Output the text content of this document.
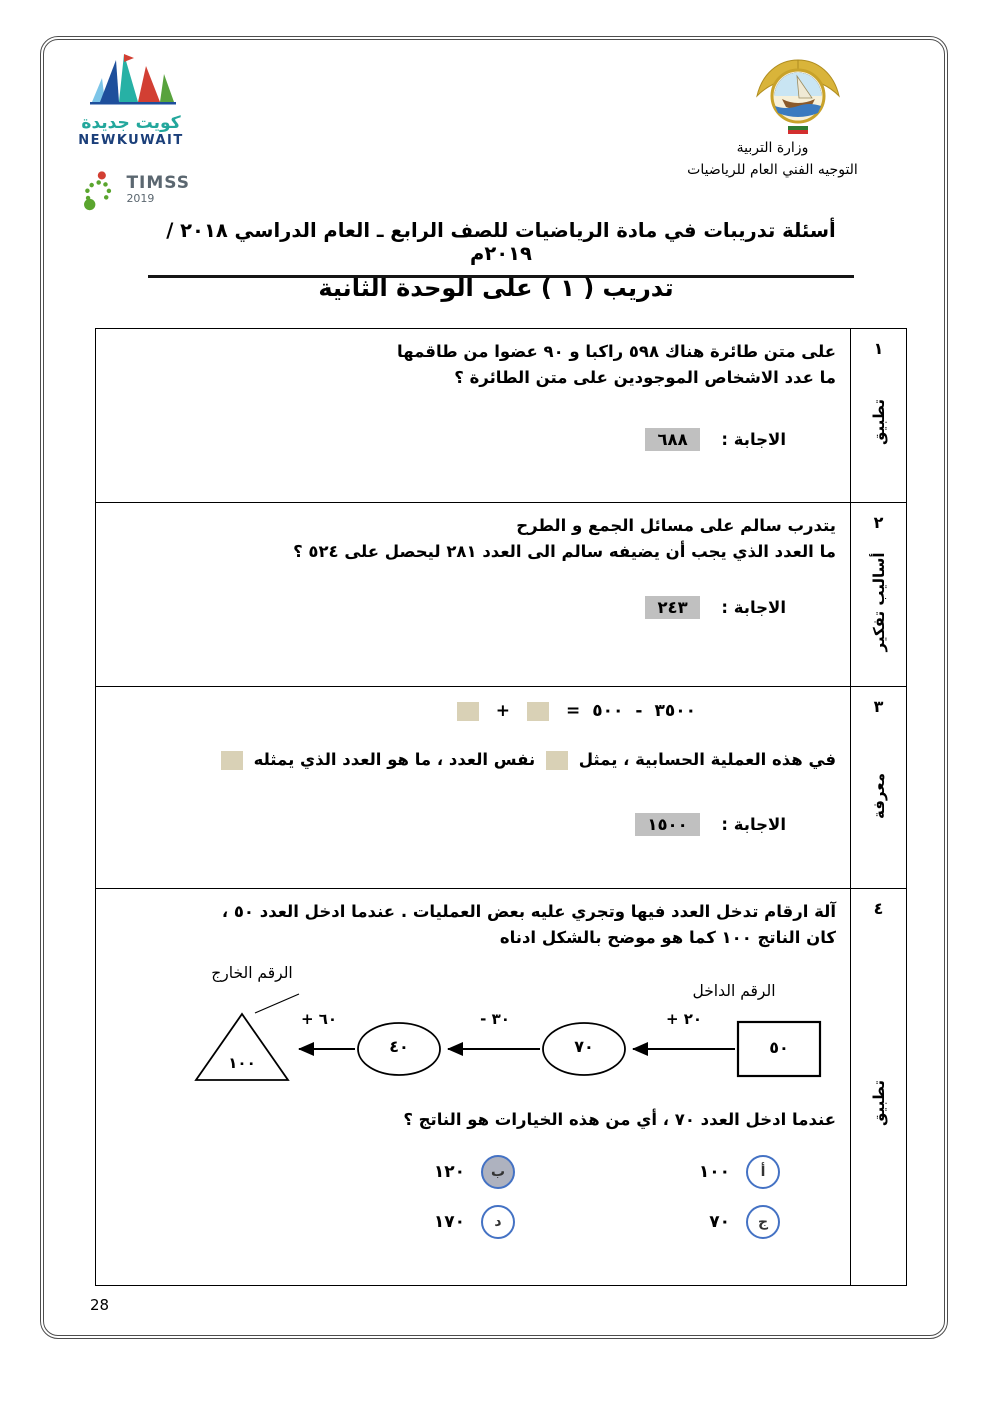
كويت جديدة
NEWKUWAIT
TIMSS
2019
وزارة التربية
التوجيه الفني العام للرياضيات
أسئلة تدريبات في مادة الرياضيات للصف الرابع ـ العام الدراسي ٢٠١٨ / ٢٠١٩م
تدريب ( ١ ) على الوحدة الثانية
١
تطبيق

على متن طائرة هناك ٥٩٨ راكبا و ٩٠ عضوا من طاقمها

ما عدد الاشخاص الموجودين على متن الطائرة ؟

الاجابة : ٦٨٨
٢
أساليب تفكير

يتدرب سالم على مسائل الجمع و الطرح

ما العدد الذي يجب أن يضيفه سالم الى العدد ٢٨١ ليحصل على ٥٢٤ ؟

الاجابة : ٢٤٣
٣
معرفة
٣٥٠٠
-
٥٠٠
=
+

في هذه العملية الحسابية ، يمثل  نفس العدد ، ما هو العدد الذي يمثله

الاجابة : ١٥٠٠
٤
تطبيق

آلة ارقام تدخل العدد فيها وتجري عليه بعض العمليات . عندما ادخل العدد ٥٠ ،

كان الناتج ١٠٠ كما هو موضح بالشكل ادناه

الرقم الداخل
الرقم الخارج
٥٠
+ ٢٠
٧٠
- ٣٠
٤٠
+ ٦٠
١٠٠

عندما ادخل العدد ٧٠ ، أي من هذه الخيارات هو الناتج ؟

أ
١٠٠
ب
١٢٠
ج
٧٠
د
١٧٠
28
